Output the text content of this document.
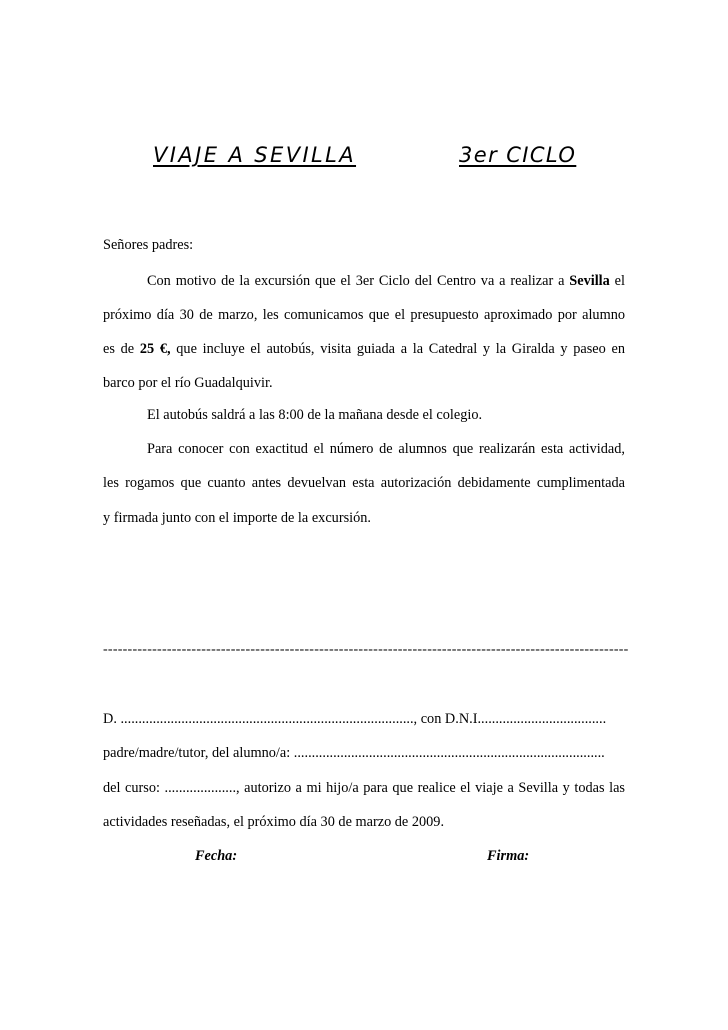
VIAJE A SEVILLA	3er CICLO
Señores padres:
Con motivo de la excursión que el 3er Ciclo del Centro va a realizar a Sevilla el
próximo día 30 de marzo, les comunicamos que el presupuesto aproximado por alumno
es de 25 €, que incluye el autobús, visita guiada a la Catedral y la Giralda y paseo en
barco por el río Guadalquivir.
El autobús saldrá a las 8:00 de la mañana desde el colegio.
Para conocer con exactitud el número de alumnos que realizarán esta actividad,
les rogamos que cuanto antes devuelvan esta autorización debidamente cumplimentada
y firmada junto con el importe de la excursión.
-----------------------------------------------------------------------------------------------------------
D. .................................................................................., con D.N.I....................................
padre/madre/tutor, del alumno/a: .......................................................................................
del curso: ...................., autorizo a mi hijo/a para que realice el viaje a Sevilla y todas las
actividades reseñadas, el próximo día 30 de marzo de 2009.
Fecha:	Firma:
